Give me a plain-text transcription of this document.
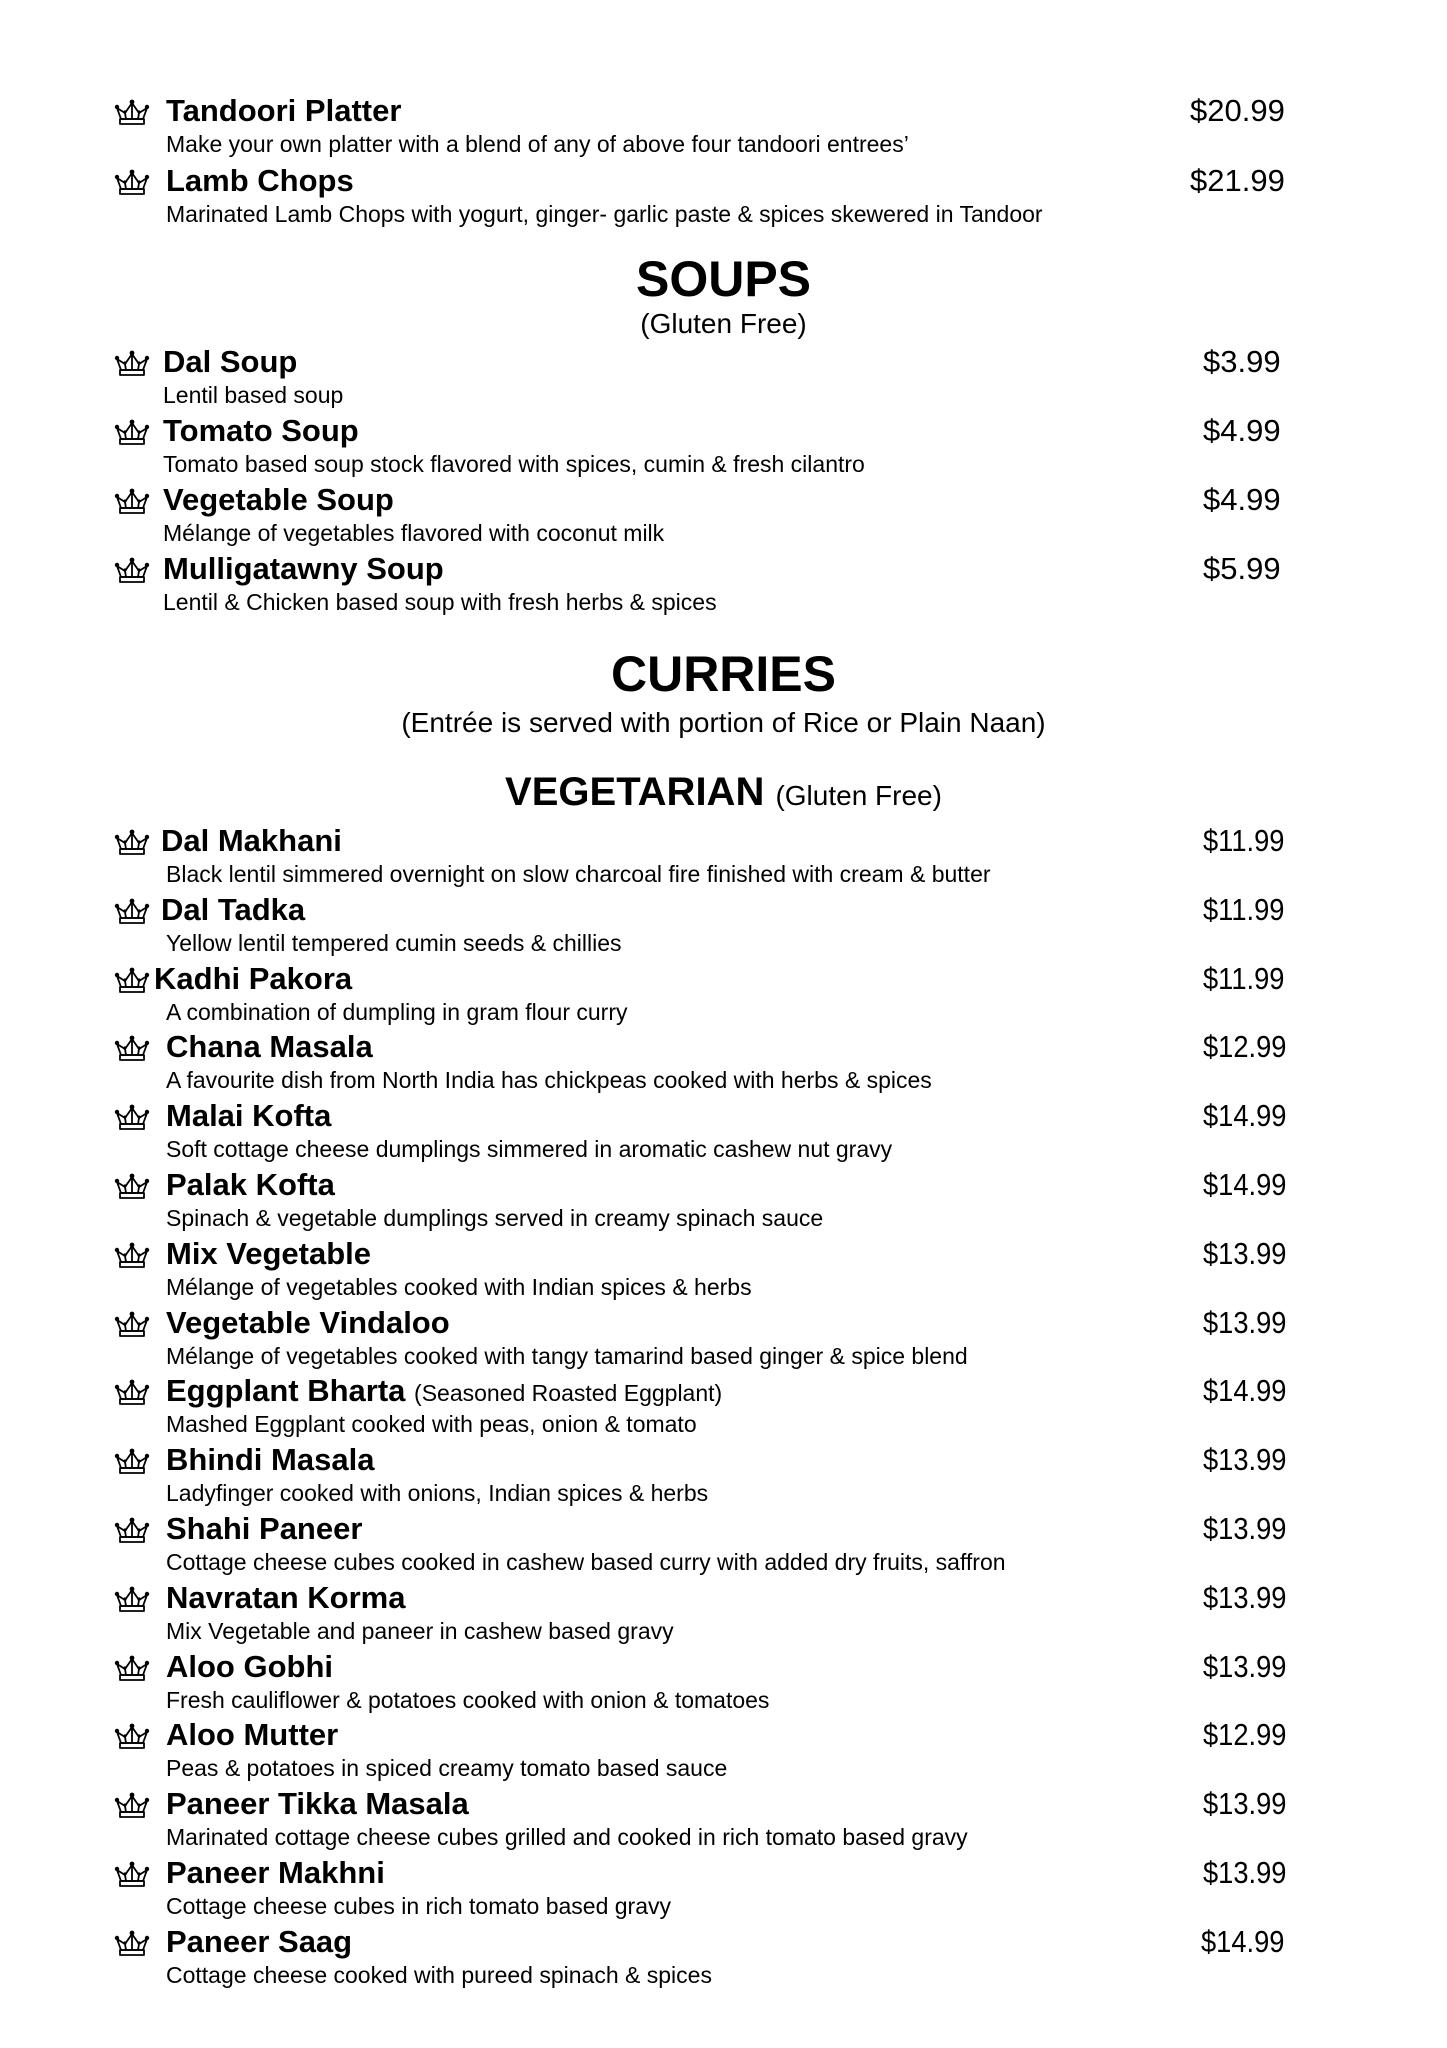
Tandoori Platter
Make your own platter with a blend of any of above four tandoori entrees’
$20.99
Lamb Chops
Marinated Lamb Chops with yogurt, ginger- garlic paste & spices skewered in Tandoor
$21.99
Dal Soup
Lentil based soup
$3.99
Tomato Soup
Tomato based soup stock flavored with spices, cumin & fresh cilantro
$4.99
Vegetable Soup
Mélange of vegetables flavored with coconut milk
$4.99
Mulligatawny Soup
Lentil & Chicken based soup with fresh herbs & spices
$5.99
Dal Makhani
Black lentil simmered overnight on slow charcoal fire finished with cream & butter
$11.99
Dal Tadka
Yellow lentil tempered cumin seeds & chillies
$11.99
Kadhi Pakora
A combination of dumpling in gram flour curry
$11.99
Chana Masala
A favourite dish from North India has chickpeas cooked with herbs & spices
$12.99
Malai Kofta
Soft cottage cheese dumplings simmered in aromatic cashew nut gravy
$14.99
Palak Kofta
Spinach & vegetable dumplings served in creamy spinach sauce
$14.99
Mix Vegetable
Mélange of vegetables cooked with Indian spices & herbs
$13.99
Vegetable Vindaloo
Mélange of vegetables cooked with tangy tamarind based ginger & spice blend
$13.99
Eggplant Bharta (Seasoned Roasted Eggplant)
Mashed Eggplant cooked with peas, onion & tomato
$14.99
Bhindi Masala
Ladyfinger cooked with onions, Indian spices & herbs
$13.99
Shahi Paneer
Cottage cheese cubes cooked in cashew based curry with added dry fruits, saffron
$13.99
Navratan Korma
Mix Vegetable and paneer in cashew based gravy
$13.99
Aloo Gobhi
Fresh cauliflower & potatoes cooked with onion & tomatoes
$13.99
Aloo Mutter
Peas & potatoes in spiced creamy tomato based sauce
$12.99
Paneer Tikka Masala
Marinated cottage cheese cubes grilled and cooked in rich tomato based gravy
$13.99
Paneer Makhni
Cottage cheese cubes in rich tomato based gravy
$13.99
Paneer Saag
Cottage cheese cooked with pureed spinach & spices
$14.99
SOUPS
(Gluten Free)
CURRIES
(Entrée is served with portion of Rice or Plain Naan)
VEGETARIAN (Gluten Free)
